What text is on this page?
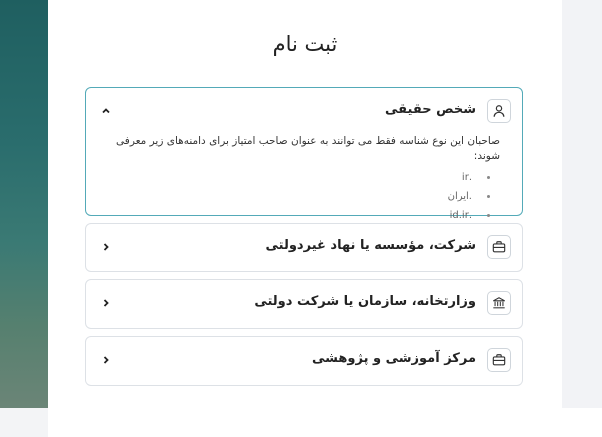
ثبت نام
شخص حقیقی

صاحبان این نوع شناسه فقط می توانند به عنوان صاحب امتیاز برای دامنه‌های زیر معرفی شوند:

.ir
.ایران
.id.ir
شرکت، مؤسسه یا نهاد غیردولتی
وزارتخانه، سازمان یا شرکت دولتی
مرکز آموزشی و پژوهشی
